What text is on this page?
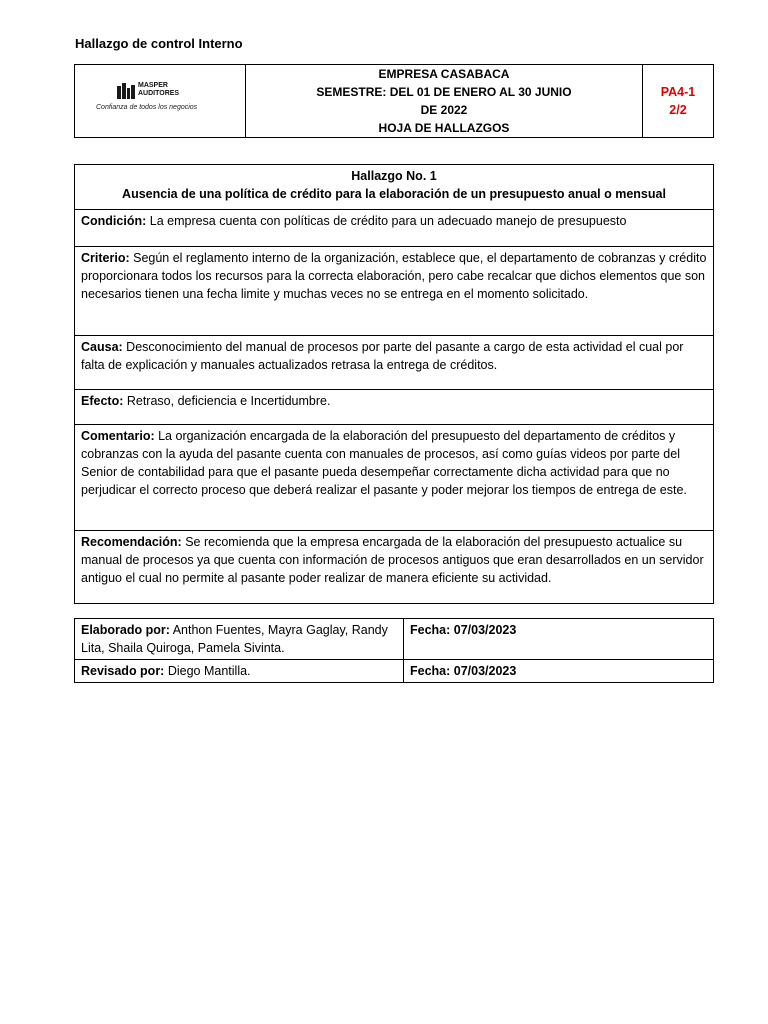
Hallazgo de control Interno
MASPER
AUDITORES
Confianza de todos los negocios

EMPRESA CASABACA
SEMESTRE: DEL 01 DE ENERO AL 30 JUNIO
DE 2022
HOJA DE HALLAZGOS

PA4-1
2/2
Hallazgo No. 1
Ausencia de una política de crédito para la elaboración de un presupuesto anual o mensual

Condición: La empresa cuenta con políticas de crédito para un adecuado manejo de presupuesto
Criterio: Según el reglamento interno de la organización, establece que, el departamento de cobranzas y crédito proporcionara todos los recursos para la correcta elaboración, pero cabe recalcar que dichos elementos que son necesarios tienen una fecha limite y muchas veces no se entrega en el momento solicitado.
Causa: Desconocimiento del manual de procesos por parte del pasante a cargo de esta actividad el cual por falta de explicación y manuales actualizados retrasa la entrega de créditos.
Efecto: Retraso, deficiencia e Incertidumbre.
Comentario: La organización encargada de la elaboración del presupuesto del departamento de créditos y cobranzas con la ayuda del pasante cuenta con manuales de procesos, así como guías videos por parte del Senior de contabilidad para que el pasante pueda desempeñar correctamente dicha actividad para que no perjudicar el correcto proceso que deberá realizar el pasante y poder mejorar los tiempos de entrega de este.
Recomendación: Se recomienda que la empresa encargada de la elaboración del presupuesto actualice su manual de procesos ya que cuenta con información de procesos antiguos que eran desarrollados en un servidor antiguo el cual no permite al pasante poder realizar de manera eficiente su actividad.
Elaborado por: Anthon Fuentes, Mayra Gaglay, Randy Lita, Shaila Quiroga, Pamela Sivinta.	Fecha: 07/03/2023
Revisado por: Diego Mantilla.	Fecha: 07/03/2023
